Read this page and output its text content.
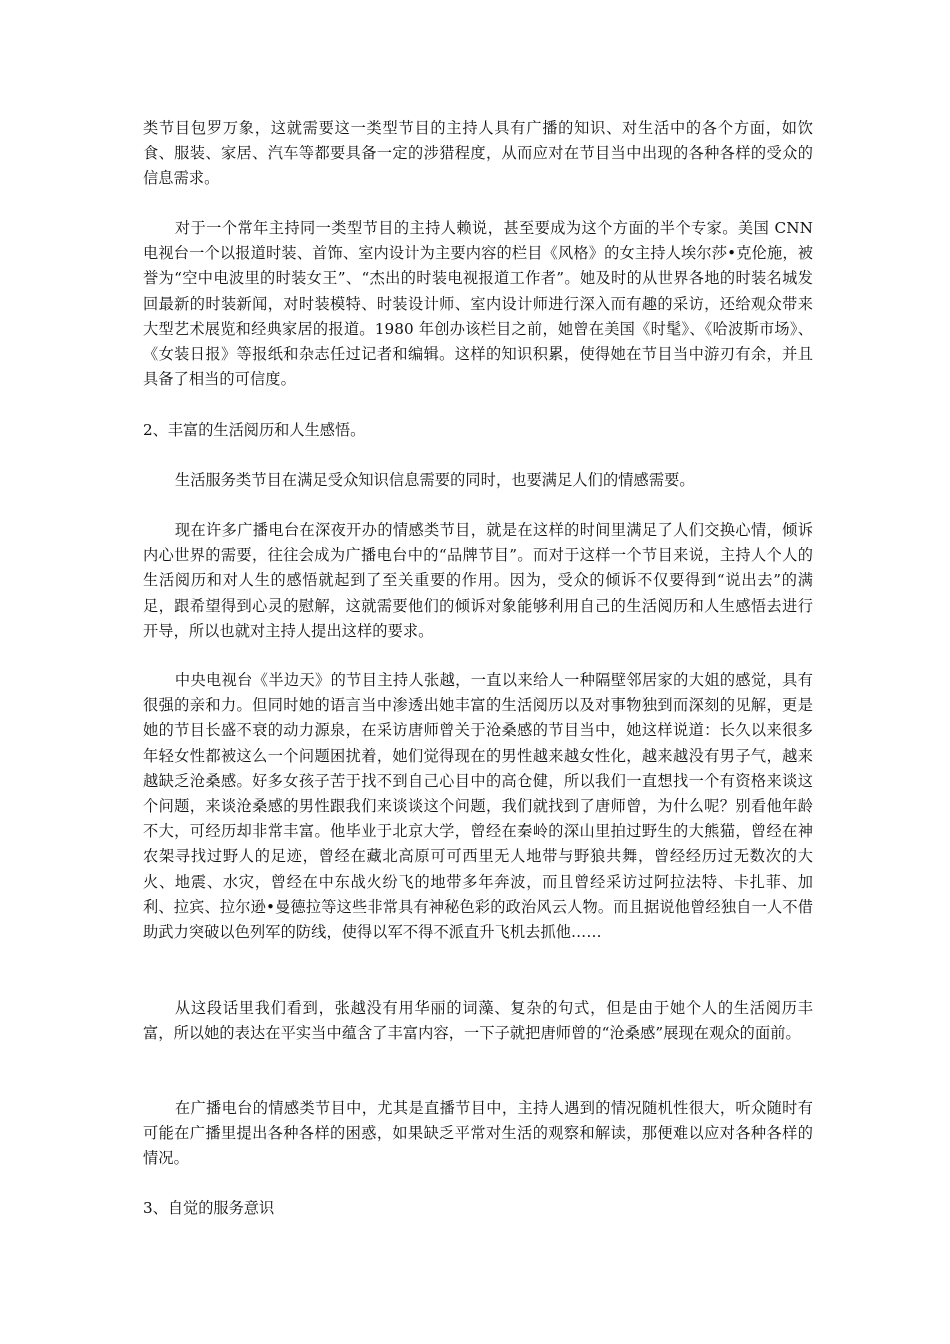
类节目包罗万象，这就需要这一类型节目的主持人具有广播的知识、对生活中的各个方面，如饮食、服装、家居、汽车等都要具备一定的涉猎程度，从而应对在节目当中出现的各种各样的受众的信息需求。

对于一个常年主持同一类型节目的主持人赖说，甚至要成为这个方面的半个专家。美国 CNN 电视台一个以报道时装、首饰、室内设计为主要内容的栏目《风格》的女主持人埃尔莎•克伦施，被誉为“空中电波里的时装女王”、“杰出的时装电视报道工作者”。她及时的从世界各地的时装名城发回最新的时装新闻，对时装模特、时装设计师、室内设计师进行深入而有趣的采访，还给观众带来大型艺术展览和经典家居的报道。1980 年创办该栏目之前，她曾在美国《时髦》、《哈波斯市场》、《女装日报》等报纸和杂志任过记者和编辑。这样的知识积累，使得她在节目当中游刃有余，并且具备了相当的可信度。

2、丰富的生活阅历和人生感悟。

生活服务类节目在满足受众知识信息需要的同时，也要满足人们的情感需要。

现在许多广播电台在深夜开办的情感类节目，就是在这样的时间里满足了人们交换心情，倾诉内心世界的需要，往往会成为广播电台中的“品牌节目”。而对于这样一个节目来说，主持人个人的生活阅历和对人生的感悟就起到了至关重要的作用。因为，受众的倾诉不仅要得到“说出去”的满足，跟希望得到心灵的慰解，这就需要他们的倾诉对象能够利用自己的生活阅历和人生感悟去进行开导，所以也就对主持人提出这样的要求。

中央电视台《半边天》的节目主持人张越，一直以来给人一种隔壁邻居家的大姐的感觉，具有很强的亲和力。但同时她的语言当中渗透出她丰富的生活阅历以及对事物独到而深刻的见解，更是她的节目长盛不衰的动力源泉，在采访唐师曾关于沧桑感的节目当中，她这样说道：长久以来很多年轻女性都被这么一个问题困扰着，她们觉得现在的男性越来越女性化，越来越没有男子气，越来越缺乏沧桑感。好多女孩子苦于找不到自己心目中的高仓健，所以我们一直想找一个有资格来谈这个问题，来谈沧桑感的男性跟我们来谈谈这个问题，我们就找到了唐师曾，为什么呢？别看他年龄不大，可经历却非常丰富。他毕业于北京大学，曾经在秦岭的深山里拍过野生的大熊猫，曾经在神农架寻找过野人的足迹，曾经在藏北高原可可西里无人地带与野狼共舞，曾经经历过无数次的大火、地震、水灾，曾经在中东战火纷飞的地带多年奔波，而且曾经采访过阿拉法特、卡扎菲、加利、拉宾、拉尔逊•曼德拉等这些非常具有神秘色彩的政治风云人物。而且据说他曾经独自一人不借助武力突破以色列军的防线，使得以军不得不派直升飞机去抓他……

从这段话里我们看到，张越没有用华丽的词藻、复杂的句式，但是由于她个人的生活阅历丰富，所以她的表达在平实当中蕴含了丰富内容，一下子就把唐师曾的“沧桑感”展现在观众的面前。

在广播电台的情感类节目中，尤其是直播节目中，主持人遇到的情况随机性很大，听众随时有可能在广播里提出各种各样的困惑，如果缺乏平常对生活的观察和解读，那便难以应对各种各样的情况。

3、自觉的服务意识
